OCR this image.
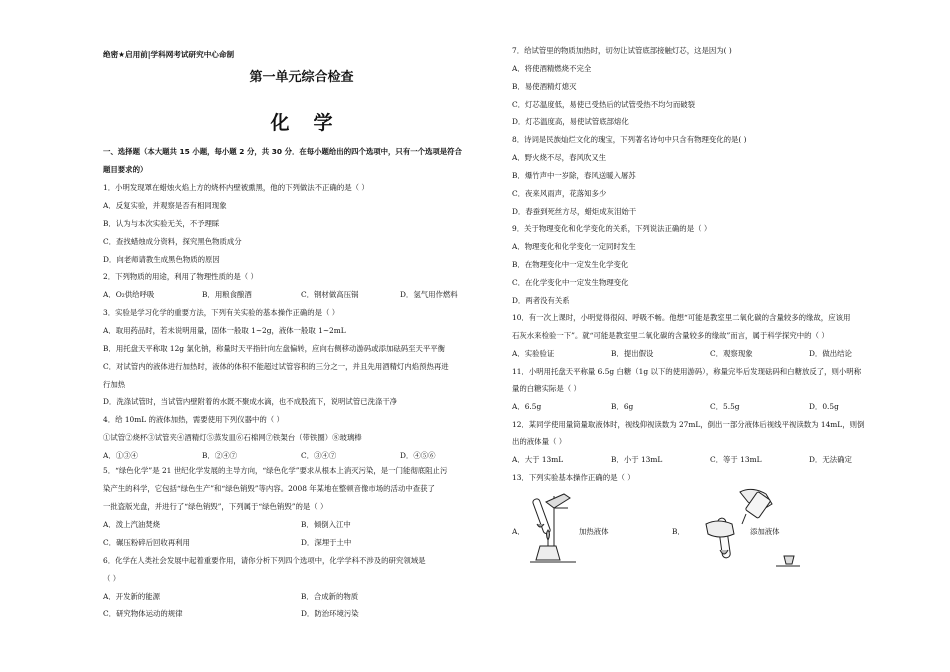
绝密★启用前|学科网考试研究中心命制
第一单元综合检查
化学
一、选择题（本大题共 15 小题，每小题 2 分，共 30 分．在每小题给出的四个选项中，只有一个选项是符合
题目要求的）
1．小明发现罩在蜡烛火焰上方的烧杯内壁被熏黑，他的下列做法不正确的是（ ）
A．反复实验，并观察是否有相同现象
B．认为与本次实验无关，不予理睬
C．查找蜡烛成分资料，探究黑色物质成分
D．向老师请教生成黑色物质的原因
2．下列物质的用途，利用了物理性质的是（ ）
A．O₂供给呼吸	B．用粮食酿酒	C．钢材做高压锅	D．氢气用作燃料
3．实验是学习化学的重要方法，下列有关实验的基本操作正确的是（ ）
A．取用药品时，若未说明用量，固体一般取 1~2g，液体一般取 1~2mL
B．用托盘天平称取 12g 氯化钠，称量时天平指针向左盘偏转，应向右侧移动游码或添加砝码至天平平衡
C．对试管内的液体进行加热时，液体的体积不能超过试管容积的三分之一，并且先用酒精灯内焰预热再进
行加热
D．洗涤试管时，当试管内壁附着的水既不聚成水滴，也不成股流下，说明试管已洗涤干净
4．给 10mL 的液体加热，需要使用下列仪器中的（ ）
①试管②烧杯③试管夹④酒精灯⑤蒸发皿⑥石棉网⑦铁架台（带铁圈）⑧玻璃棒
A．①③④	B．②④⑦	C．③④⑦	D．④⑤⑥
5．“绿色化学”是 21 世纪化学发展的主导方向，“绿色化学”要求从根本上消灭污染，是一门能彻底阻止污
染产生的科学，它包括“绿色生产”和“绿色销毁”等内容。2008 年某地在整顿音像市场的活动中查获了
一批盗版光盘，并进行了“绿色销毁”，下列属于“绿色销毁”的是（ ）
A．泼上汽油焚烧	B．倾倒入江中
C．碾压粉碎后回收再利用	D．深埋于土中
6．化学在人类社会发展中起着重要作用，请你分析下列四个选项中，化学学科不涉及的研究领域是
（ ）
A．开发新的能源	B．合成新的物质
C．研究物体运动的规律	D．防治环境污染
7．给试管里的物质加热时，切勿让试管底部接触灯芯，这是因为( )
A．将使酒精燃烧不完全
B．易使酒精灯熄灭
C．灯芯温度低，易使已受热后的试管受热不均匀而破裂
D．灯芯温度高，易使试管底部熔化
8．诗词是民族灿烂文化的瑰宝，下列著名诗句中只含有物理变化的是( )
A．野火烧不尽，春风吹又生
B．爆竹声中一岁除，春风送暖入屠苏
C．夜来风雨声，花落知多少
D．春蚕到死丝方尽，蜡炬成灰泪始干
9．关于物理变化和化学变化的关系，下列说法正确的是（ ）
A．物理变化和化学变化一定同时发生
B．在物理变化中一定发生化学变化
C．在化学变化中一定发生物理变化
D．两者没有关系
10．有一次上课时，小明觉得很闷、呼吸不畅。他想“可能是教室里二氧化碳的含量较多的缘故，应该用
石灰水来检验一下”。就“可能是教室里二氧化碳的含量较多的缘故”而言，属于科学探究中的（ ）
A．实验验证	B．提出假设	C．观察现象	D．做出结论
11．小明用托盘天平称量 6.5g 白糖（1g 以下的使用游码），称量完毕后发现砝码和白糖放反了，则小明称
量的白糖实际是（ ）
A．6.5g	B．6g	C．5.5g	D．0.5g
12．某同学使用量筒量取液体时，视线仰视读数为 27mL，倒出一部分液体后视线平视读数为 14mL，则倒
出的液体量（ ）
A．大于 13mL	B．小于 13mL	C．等于 13mL	D．无法确定
13．下列实验基本操作正确的是（ ）
A．	加热液体	B．	添加液体
